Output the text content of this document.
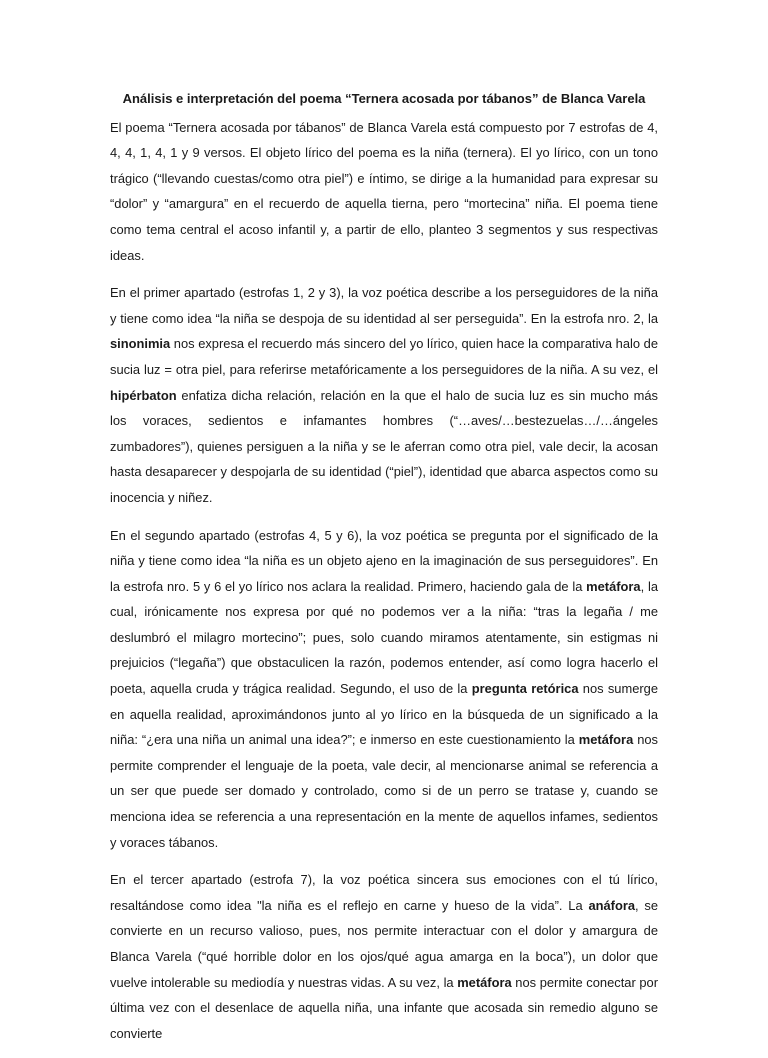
Análisis e interpretación del poema “Ternera acosada por tábanos” de Blanca Varela

El poema “Ternera acosada por tábanos” de Blanca Varela está compuesto por 7 estrofas de 4, 4, 4, 1, 4, 1 y 9 versos. El objeto lírico del poema es la niña (ternera). El yo lírico, con un tono trágico (“llevando cuestas/como otra piel”) e íntimo, se dirige a la humanidad para expresar su “dolor” y “amargura” en el recuerdo de aquella tierna, pero “mortecina” niña. El poema tiene como tema central el acoso infantil y, a partir de ello, planteo 3 segmentos y sus respectivas ideas.

En el primer apartado (estrofas 1, 2 y 3), la voz poética describe a los perseguidores de la niña y tiene como idea “la niña se despoja de su identidad al ser perseguida”. En la estrofa nro. 2, la sinonimia nos expresa el recuerdo más sincero del yo lírico, quien hace la comparativa halo de sucia luz = otra piel, para referirse metafóricamente a los perseguidores de la niña. A su vez, el hipérbaton enfatiza dicha relación, relación en la que el halo de sucia luz es sin mucho más los voraces, sedientos e infamantes hombres (“…aves/…bestezuelas…/…ángeles zumbadores”), quienes persiguen a la niña y se le aferran como otra piel, vale decir, la acosan hasta desaparecer y despojarla de su identidad (“piel”), identidad que abarca aspectos como su inocencia y niñez.

En el segundo apartado (estrofas 4, 5 y 6), la voz poética se pregunta por el significado de la niña y tiene como idea “la niña es un objeto ajeno en la imaginación de sus perseguidores”. En la estrofa nro. 5 y 6 el yo lírico nos aclara la realidad. Primero, haciendo gala de la metáfora, la cual, irónicamente nos expresa por qué no podemos ver a la niña: “tras la legaña / me deslumbró el milagro mortecino”; pues, solo cuando miramos atentamente, sin estigmas ni prejuicios (“legaña”) que obstaculicen la razón, podemos entender, así como logra hacerlo el poeta, aquella cruda y trágica realidad. Segundo, el uso de la pregunta retórica nos sumerge en aquella realidad, aproximándonos junto al yo lírico en la búsqueda de un significado a la niña: “¿era una niña un animal una idea?”; e inmerso en este cuestionamiento la metáfora nos permite comprender el lenguaje de la poeta, vale decir, al mencionarse animal se referencia a un ser que puede ser domado y controlado, como si de un perro se tratase y, cuando se menciona idea se referencia a una representación en la mente de aquellos infames, sedientos y voraces tábanos.

En el tercer apartado (estrofa 7), la voz poética sincera sus emociones con el tú lírico, resaltándose como idea "la niña es el reflejo en carne y hueso de la vida”. La anáfora, se convierte en un recurso valioso, pues, nos permite interactuar con el dolor y amargura de Blanca Varela (“qué horrible dolor en los ojos/qué agua amarga en la boca”), un dolor que vuelve intolerable su mediodía y nuestras vidas. A su vez, la metáfora nos permite conectar por última vez con el desenlace de aquella niña, una infante que acosada sin remedio alguno se convierte
